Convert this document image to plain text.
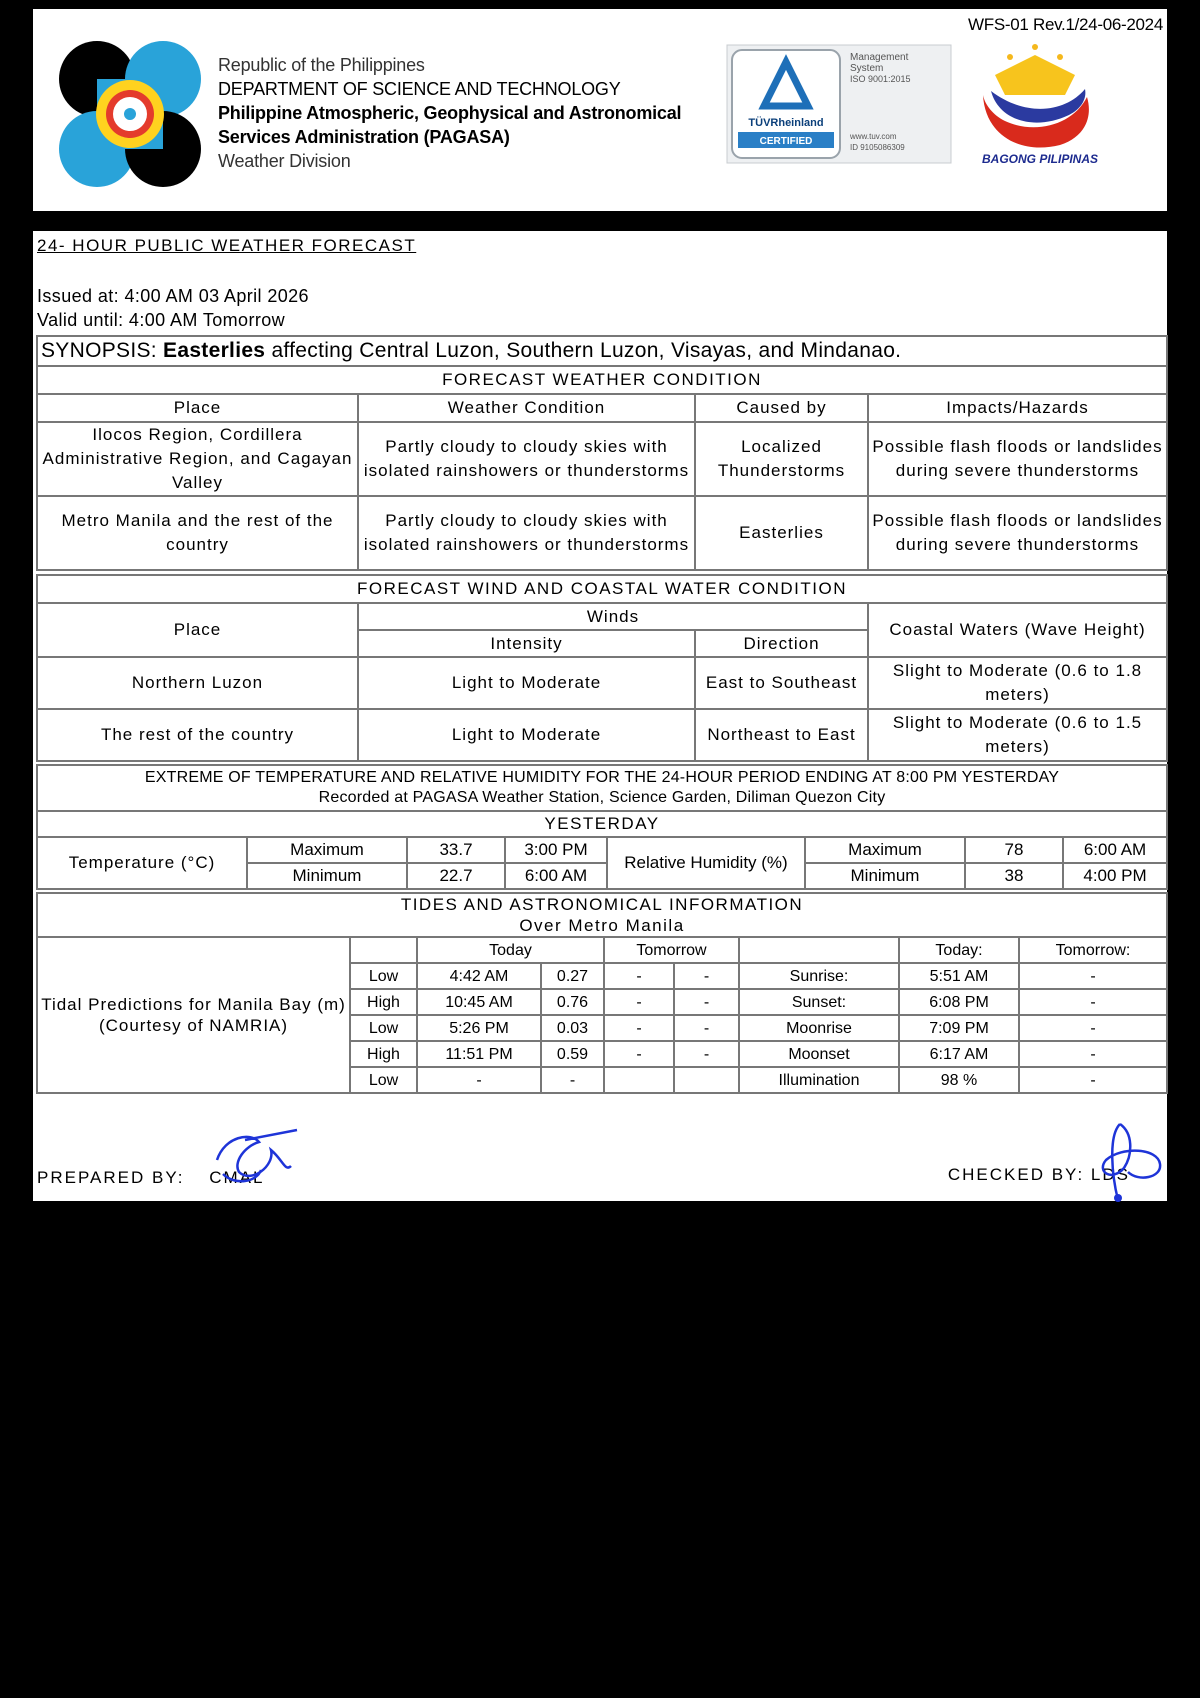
WFS-01 Rev.1/24-06-2024
Republic of the Philippines
DEPARTMENT OF SCIENCE AND TECHNOLOGY
Philippine Atmospheric, Geophysical and Astronomical
Services Administration (PAGASA)
Weather Division
TÜVRheinland
CERTIFIED
Management
System
ISO 9001:2015
www.tuv.com
ID 9105086309
BAGONG PILIPINAS
24- HOUR PUBLIC WEATHER FORECAST
Issued at: 4:00 AM 03 April 2026
Valid until: 4:00 AM Tomorrow
SYNOPSIS: Easterlies affecting Central Luzon, Southern Luzon, Visayas, and Mindanao.			
FORECAST WEATHER CONDITION			
Place	Weather Condition	Caused by	Impacts/Hazards
Ilocos Region, Cordillera Administrative Region, and Cagayan Valley	Partly cloudy to cloudy skies with isolated rainshowers or thunderstorms	Localized Thunderstorms	Possible flash floods or landslides during severe thunderstorms
Metro Manila and the rest of the country	Partly cloudy to cloudy skies with isolated rainshowers or thunderstorms	Easterlies	Possible flash floods or landslides during severe thunderstorms
FORECAST WIND AND COASTAL WATER CONDITION			
Place	Winds		Coastal Waters (Wave Height)
	Intensity	Direction	
Northern Luzon	Light to Moderate	East to Southeast	Slight to Moderate (0.6 to 1.8 meters)
The rest of the country	Light to Moderate	Northeast to East	Slight to Moderate (0.6 to 1.5 meters)
EXTREME OF TEMPERATURE AND RELATIVE HUMIDITY FOR THE 24-HOUR PERIOD ENDING AT 8:00 PM YESTERDAY
Recorded at PAGASA Weather Station, Science Garden, Diliman Quezon City							

YESTERDAY							
Temperature (°C)	Maximum	33.7	3:00 PM	Relative Humidity (%)	Maximum	78	6:00 AM
	Minimum	22.7	6:00 AM		Minimum	38	4:00 PM
TIDES AND ASTRONOMICAL INFORMATION
Over Metro Manila								

Tidal Predictions for Manila Bay (m) (Courtesy of NAMRIA)		Today		Tomorrow			Today:	Tomorrow:
	Low	4:42 AM	0.27	-	-	Sunrise:	5:51 AM	-
	High	10:45 AM	0.76	-	-	Sunset:	6:08 PM	-
	Low	5:26 PM	0.03	-	-	Moonrise	7:09 PM	-
	High	11:51 PM	0.59	-	-	Moonset	6:17 AM	-
	Low	-	-			Illumination	98 %	-
PREPARED BY: CMAL	CHECKED BY: LDS
